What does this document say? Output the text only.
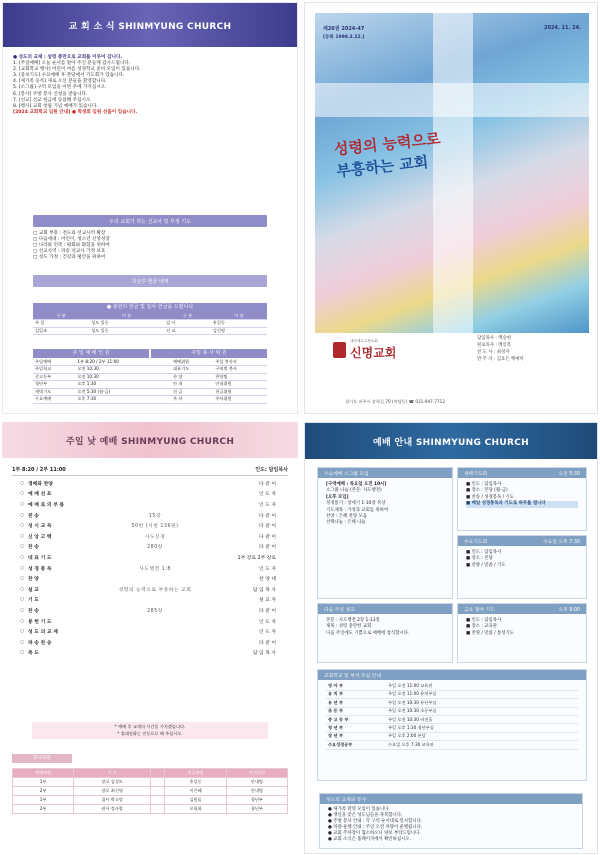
교 회 소 식 SHINMYUNG CHURCH
● 성도의 교제 : 성령 충만으로 교회를 이루어 갑니다.
1. [주일예배] 오늘 순서를 맡아 주신 분들께 감사드립니다.
2. [교회학교 행사] 어린이 여름 성경학교 준비 모임이 있습니다.
3. [중보기도] 수요예배 후 본당에서 기도회가 있습니다.
4. [새가족 등록] 새로 오신 분들을 환영합니다.
5. [소그룹] 구역 모임을 이번 주에 가지십시오.
6. [봉사] 주방 봉사 신청을 받습니다.
7. [선교] 선교 헌금에 동참해 주십시오.
8. [행사] 교회 창립 기념 예배가 있습니다.
[2024 교회학교 임원 안내] ● 학생회 임원 선출이 있습니다.
우리 교회가 하는 신교사 및 부정 기도
□ 교회 부흥 : 전도와 선교사역 확장
□ 다음세대 : 어린이, 청소년 신앙성장
□ 나라와 민족 : 평화와 화합을 위하여
□ 선교사역 : 파송 선교사 가정 보호
□ 성도 가정 : 건강과 평안을 위하여
지난주 헌금 내역
● 봉헌의 헌금 및 감사 헌금을 드립니다
구 분	이 름	구 분	이 름
주 일	성도 일동	감 사	홍길동
십일조	성도 일동	선 교	김신명
주 일 예 배 인 원	주일 봉 사 위 원
주일예배	1부 8:20 / 2부 11:00	예배위원	주일 봉사자
주일학교	오전 10:30	대표기도	구역별 봉사
중고등부	오전 10:30	찬 양	찬양팀
청년부	오후 1:30	안 내	안내위원
새벽기도	오전 5:30 (월-금)	헌 금	헌금위원
수요예배	오후 7:30	주 차	주차위원
제26권 2024-47	2024. 11. 24.
[등록 1998.3.22.]
성령의 능력으로
부흥하는 교회
대한예수교장로회
신명교회
담임목사 : 백승현
원로목사 : 백일복
전 도 사 : 최성자
반 주 자 : 김효은 백예미
경기도 파주시 송학길 70 (야당동) ☎ 031-947-7712
주일 낮 예배 SHINMYUNG CHURCH
1부 8:20 / 2부 11:00	인도: 담임목사
○ 경배와 찬양	다 같 이
○ 예 배 선 포	인 도 자
○ 예 배 로 의 부 름	인 도 자
○ 찬 송	15장	다 같 이
○ 성 시 교 독	50번 (시편 136편)	다 같 이
○ 신 앙 고 백	사도신경	다 같 이
○ 찬 송	280장	다 같 이
○ 대 표 기 도	1부 장로 2부 장로
○ 성 경 봉 독	사도행전 1:8	인 도 자
○ 찬 양	찬 양 대
○ 설 교	성령의 능력으로 부흥하는 교회	담 임 목 사
○ 기 도	설 교 자
○ 찬 송	285장	다 같 이
○ 봉 헌 기 도	인 도 자
○ 성 도 의 교 제	인 도 자
○ 파 송 찬 송	다 같 이
○ 축 도	담 임 목 사
* 예배 후 교제의 시간을 가지겠습니다.
* 휴대전화는 진동으로 해 주십시오.
봉사위원
예배위원	기 도		헌금위원	안내위원
1부	장로 김성도		홍길동	안내팀
2부	장로 최신명		이은혜	안내팀
1부	집사 박소망		김믿음	청년부
2부	권사 정사랑		오평화	청년부
예배 안내 SHINMYUNG CHURCH
수요예배 소그룹 모임
[구역예배 : 목요일 오전 10시]
소그룹 나눔 (본문: 사도행전)
[오후 모임]
성경읽기 : 창세기 1-10장 묵상
기도제목 : 가정과 교회를 위하여
찬양 : 은혜 찬양 모음
선택나눔 : 은혜 나눔
새벽기도회	오전 5:30
■ 인도 : 담임목사
■ 장소 : 본당 (월-금)
■ 찬송 / 성경봉독 / 기도
■ 매일 성경통독과 기도로 하루를 엽니다
수요기도회	수요일 오후 7:30
■ 인도 : 담임목사
■ 장소 : 본당
■ 찬양 / 말씀 / 기도
다음 주일 설교
본문 : 사도행전 2장 1-13절
제목 : 성령 충만한 교회
다음 주일에도 기쁨으로 예배에 참석합시다.
금요 철야 기도	오후 9:00
■ 인도 : 담임목사
■ 장소 : 교육관
■ 찬양 / 말씀 / 통성기도
교회학교 및 부서 모임 안내
영 아 부	주일 오전 11:00 교육관
유 치 부	주일 오전 11:00 유치부실
유 년 부	주일 오전 10:30 유년부실
초 등 부	주일 오전 10:30 초등부실
중 고 등 부	주일 오전 10:30 비전홀
청 년 부	주일 오후 1:30 청년부실
장 년 부	주일 오후 2:00 본당
수요성경공부	수요일 오후 7:30 교육관
성도의 교제와 봉사
● 새가족 환영 모임이 있습니다.
● 생일을 맞은 성도님들을 축복합니다.
● 주방 봉사 안내 : 각 구역 순서대로 봉사합니다.
● 차량 운행 안내 : 주일 오전 차량이 운행됩니다.
● 교회 주차장이 협소하오니 양보 부탁드립니다.
● 교회 소식은 홈페이지에서 확인하십시오.
